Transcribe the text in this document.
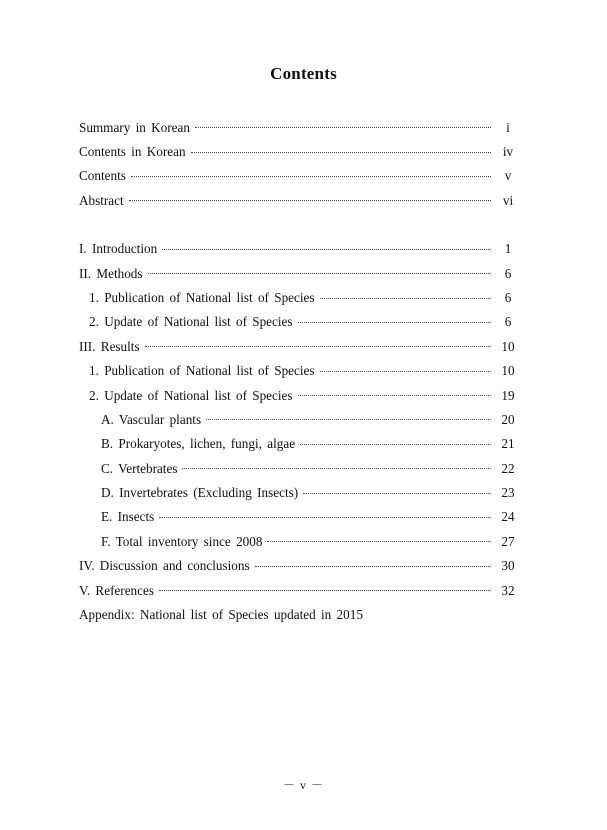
Contents
Summary in Korean	i
Contents in Korean	iv
Contents	v
Abstract	vi
I. Introduction	1
II. Methods	6
1. Publication of National list of Species	6
2. Update of National list of Species	6
III. Results	10
1. Publication of National list of Species	10
2. Update of National list of Species	19
A. Vascular plants	20
B. Prokaryotes, lichen, fungi, algae	21
C. Vertebrates	22
D. Invertebrates (Excluding Insects)	23
E. Insects	24
F. Total inventory since 2008	27
IV. Discussion and conclusions	30
V. References	32
Appendix: National list of Species updated in 2015
－ v －
